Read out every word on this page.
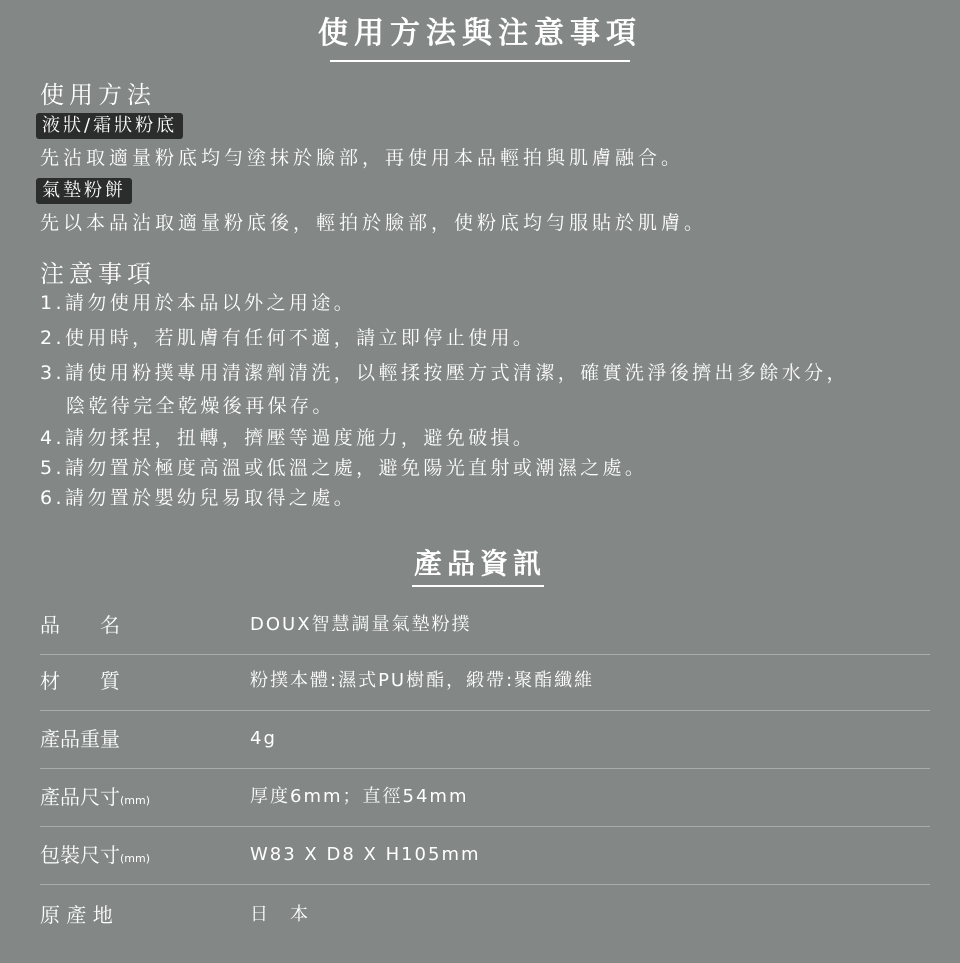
使用方法與注意事項
使用方法
液狀/霜狀粉底
先沾取適量粉底均勻塗抹於臉部，再使用本品輕拍與肌膚融合。
氣墊粉餅
先以本品沾取適量粉底後，輕拍於臉部，使粉底均勻服貼於肌膚。
注意事項
1.請勿使用於本品以外之用途。
2.使用時，若肌膚有任何不適，請立即停止使用。
3.請使用粉撲專用清潔劑清洗，以輕揉按壓方式清潔，確實洗淨後擠出多餘水分，
陰乾待完全乾燥後再保存。
4.請勿揉捏，扭轉，擠壓等過度施力，避免破損。
5.請勿置於極度高溫或低溫之處，避免陽光直射或潮濕之處。
6.請勿置於嬰幼兒易取得之處。
產品資訊
品　　名	DOUX智慧調量氣墊粉撲
材　　質	粉撲本體:濕式PU樹酯，緞帶:聚酯纖維
產品重量	4g
產品尺寸(mm)	厚度6mm；直徑54mm
包裝尺寸(mm)	W83 X D8 X H105mm
原 產 地	日　本
